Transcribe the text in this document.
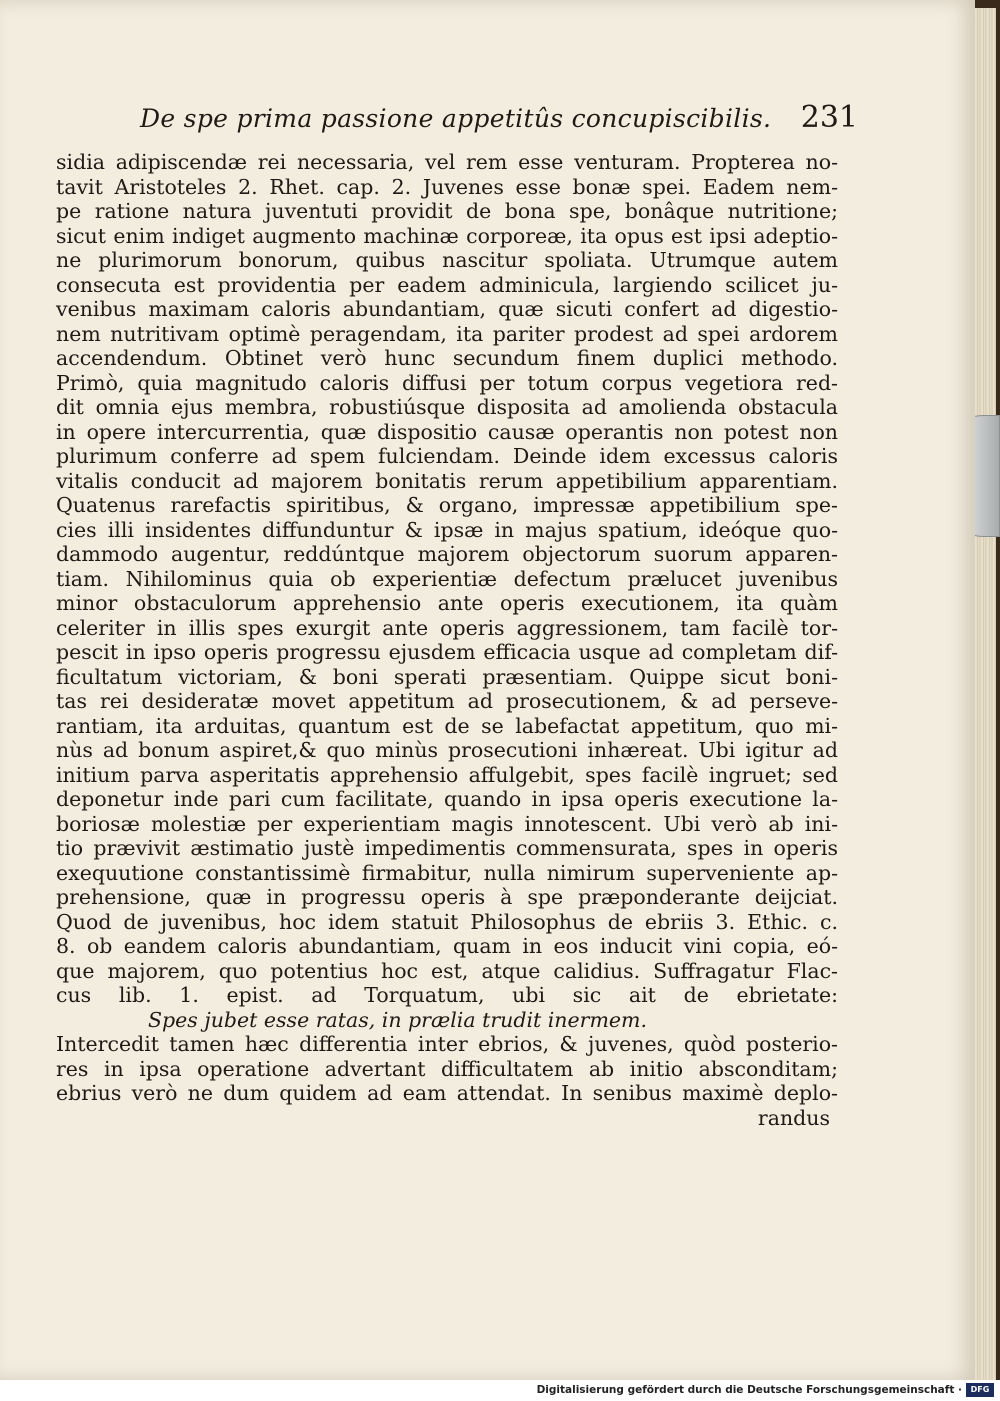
De spe prima passione appetitûs concupiscibilis. 231
sidia adipiscendæ rei necessaria, vel rem esse venturam. Propterea no-
tavit Aristoteles 2. Rhet. cap. 2. Juvenes esse bonæ spei. Eadem nem-
pe ratione natura juventuti providit de bona spe, bonâque nutritione;
sicut enim indiget augmento machinæ corporeæ, ita opus est ipsi adeptio-
ne plurimorum bonorum, quibus nascitur spoliata. Utrumque autem
consecuta est providentia per eadem adminicula, largiendo scilicet ju-
venibus maximam caloris abundantiam, quæ sicuti confert ad digestio-
nem nutritivam optimè peragendam, ita pariter prodest ad spei ardorem
accendendum. Obtinet verò hunc secundum finem duplici methodo.
Primò, quia magnitudo caloris diffusi per totum corpus vegetiora red-
dit omnia ejus membra, robustiúsque disposita ad amolienda obstacula
in opere intercurrentia, quæ dispositio causæ operantis non potest non
plurimum conferre ad spem fulciendam. Deinde idem excessus caloris
vitalis conducit ad majorem bonitatis rerum appetibilium apparentiam.
Quatenus rarefactis spiritibus, & organo, impressæ appetibilium spe-
cies illi insidentes diffunduntur & ipsæ in majus spatium, ideóque quo-
dammodo augentur, reddúntque majorem objectorum suorum apparen-
tiam. Nihilominus quia ob experientiæ defectum prælucet juvenibus
minor obstaculorum apprehensio ante operis executionem, ita quàm
celeriter in illis spes exurgit ante operis aggressionem, tam facilè tor-
pescit in ipso operis progressu ejusdem efficacia usque ad completam dif-
ficultatum victoriam, & boni sperati præsentiam. Quippe sicut boni-
tas rei desideratæ movet appetitum ad prosecutionem, & ad perseve-
rantiam, ita arduitas, quantum est de se labefactat appetitum, quo mi-
nùs ad bonum aspiret,& quo minùs prosecutioni inhæreat. Ubi igitur ad
initium parva asperitatis apprehensio affulgebit, spes facilè ingruet; sed
deponetur inde pari cum facilitate, quando in ipsa operis executione la-
boriosæ molestiæ per experientiam magis innotescent. Ubi verò ab ini-
tio prævivit æstimatio justè impedimentis commensurata, spes in operis
exequutione constantissimè firmabitur, nulla nimirum superveniente ap-
prehensione, quæ in progressu operis à spe præponderante deijciat.
Quod de juvenibus, hoc idem statuit Philosophus de ebriis 3. Ethic. c.
8. ob eandem caloris abundantiam, quam in eos inducit vini copia, eó-
que majorem, quo potentius hoc est, atque calidius. Suffragatur Flac-
cus lib. 1. epist. ad Torquatum, ubi sic ait de ebrietate:
Spes jubet esse ratas, in prælia trudit inermem.
Intercedit tamen hæc differentia inter ebrios, & juvenes, quòd posterio-
res in ipsa operatione advertant difficultatem ab initio absconditam;
ebrius verò ne dum quidem ad eam attendat. In senibus maximè deplo-
randus
Digitalisierung gefördert durch die Deutsche Forschungsgemeinschaft ·	DFG
